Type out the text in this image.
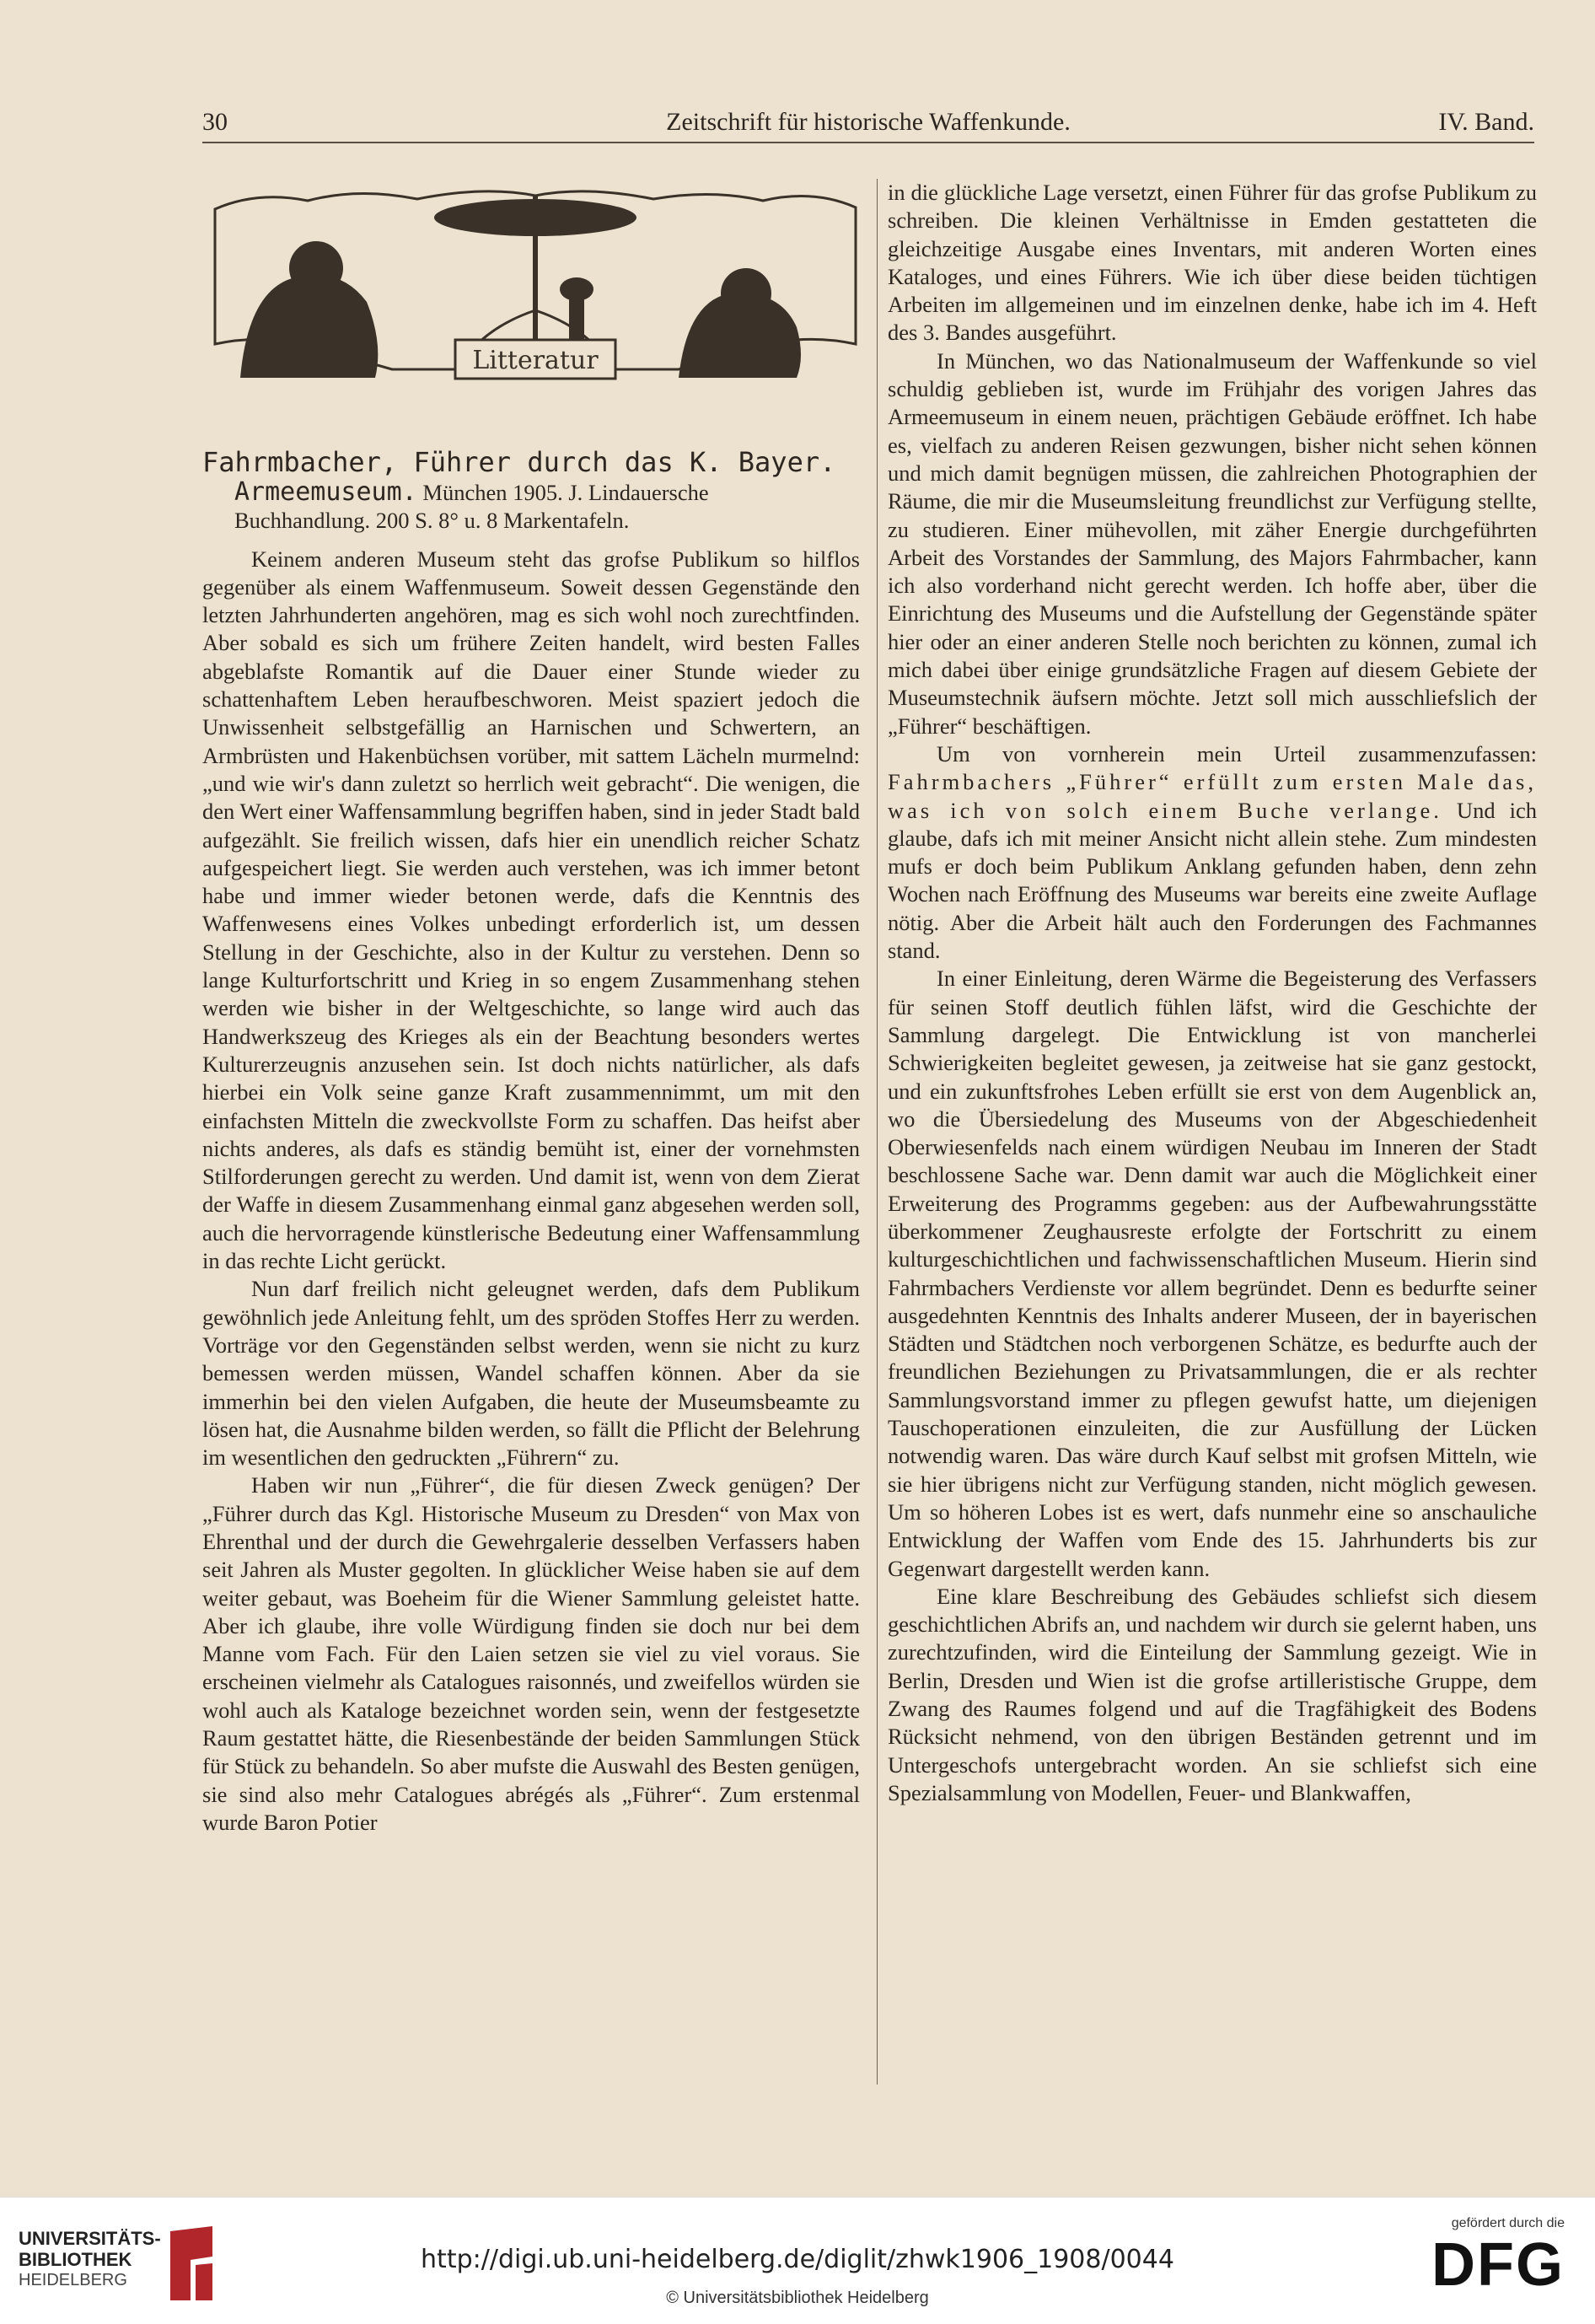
30	Zeitschrift für historische Waffenkunde.	IV. Band.
Litteratur

Fahrmbacher, Führer durch das K. Bayer.

Armeemuseum. München 1905. J. Lindauersche

Buchhandlung. 200 S. 8° u. 8 Markentafeln.

Keinem anderen Museum steht das grofse Publikum so hilflos gegenüber als einem Waffenmuseum. Soweit dessen Gegenstände den letzten Jahrhunderten angehören, mag es sich wohl noch zurechtfinden. Aber sobald es sich um frühere Zeiten handelt, wird besten Falles abgeblafste Romantik auf die Dauer einer Stunde wieder zu schattenhaftem Leben heraufbeschworen. Meist spaziert jedoch die Unwissenheit selbstgefällig an Harnischen und Schwertern, an Armbrüsten und Hakenbüchsen vorüber, mit sattem Lächeln murmelnd: „und wie wir's dann zuletzt so herrlich weit gebracht“. Die wenigen, die den Wert einer Waffensammlung begriffen haben, sind in jeder Stadt bald aufgezählt. Sie freilich wissen, dafs hier ein unendlich reicher Schatz aufgespeichert liegt. Sie werden auch verstehen, was ich immer betont habe und immer wieder betonen werde, dafs die Kenntnis des Waffenwesens eines Volkes unbedingt erforderlich ist, um dessen Stellung in der Geschichte, also in der Kultur zu verstehen. Denn so lange Kulturfortschritt und Krieg in so engem Zusammenhang stehen werden wie bisher in der Weltgeschichte, so lange wird auch das Handwerkszeug des Krieges als ein der Beachtung besonders wertes Kulturerzeugnis anzusehen sein. Ist doch nichts natürlicher, als dafs hierbei ein Volk seine ganze Kraft zusammennimmt, um mit den einfachsten Mitteln die zweckvollste Form zu schaffen. Das heifst aber nichts anderes, als dafs es ständig bemüht ist, einer der vornehmsten Stilforderungen gerecht zu werden. Und damit ist, wenn von dem Zierat der Waffe in diesem Zusammenhang einmal ganz abgesehen werden soll, auch die hervorragende künstlerische Bedeutung einer Waffensammlung in das rechte Licht gerückt.

Nun darf freilich nicht geleugnet werden, dafs dem Publikum gewöhnlich jede Anleitung fehlt, um des spröden Stoffes Herr zu werden. Vorträge vor den Gegenständen selbst werden, wenn sie nicht zu kurz bemessen werden müssen, Wandel schaffen können. Aber da sie immerhin bei den vielen Aufgaben, die heute der Museumsbeamte zu lösen hat, die Ausnahme bilden werden, so fällt die Pflicht der Belehrung im wesentlichen den gedruckten „Führern“ zu.

Haben wir nun „Führer“, die für diesen Zweck genügen? Der „Führer durch das Kgl. Historische Museum zu Dresden“ von Max von Ehrenthal und der durch die Gewehrgalerie desselben Verfassers haben seit Jahren als Muster gegolten. In glücklicher Weise haben sie auf dem weiter gebaut, was Boeheim für die Wiener Sammlung geleistet hatte. Aber ich glaube, ihre volle Würdigung finden sie doch nur bei dem Manne vom Fach. Für den Laien setzen sie viel zu viel voraus. Sie erscheinen vielmehr als Catalogues raisonnés, und zweifellos würden sie wohl auch als Kataloge bezeichnet worden sein, wenn der festgesetzte Raum gestattet hätte, die Riesenbestände der beiden Sammlungen Stück für Stück zu behandeln. So aber mufste die Auswahl des Besten genügen, sie sind also mehr Catalogues abrégés als „Führer“. Zum erstenmal wurde Baron Potier

in die glückliche Lage versetzt, einen Führer für das grofse Publikum zu schreiben. Die kleinen Verhältnisse in Emden gestatteten die gleichzeitige Ausgabe eines Inventars, mit anderen Worten eines Kataloges, und eines Führers. Wie ich über diese beiden tüchtigen Arbeiten im allgemeinen und im einzelnen denke, habe ich im 4. Heft des 3. Bandes ausgeführt.

In München, wo das Nationalmuseum der Waffenkunde so viel schuldig geblieben ist, wurde im Frühjahr des vorigen Jahres das Armeemuseum in einem neuen, prächtigen Gebäude eröffnet. Ich habe es, vielfach zu anderen Reisen gezwungen, bisher nicht sehen können und mich damit begnügen müssen, die zahlreichen Photographien der Räume, die mir die Museumsleitung freundlichst zur Verfügung stellte, zu studieren. Einer mühevollen, mit zäher Energie durchgeführten Arbeit des Vorstandes der Sammlung, des Majors Fahrmbacher, kann ich also vorderhand nicht gerecht werden. Ich hoffe aber, über die Einrichtung des Museums und die Aufstellung der Gegenstände später hier oder an einer anderen Stelle noch berichten zu können, zumal ich mich dabei über einige grundsätzliche Fragen auf diesem Gebiete der Museumstechnik äufsern möchte. Jetzt soll mich ausschliefslich der „Führer“ beschäftigen.

Um von vornherein mein Urteil zusammenzufassen: Fahrmbachers „Führer“ erfüllt zum ersten Male das, was ich von solch einem Buche verlange. Und ich glaube, dafs ich mit meiner Ansicht nicht allein stehe. Zum mindesten mufs er doch beim Publikum Anklang gefunden haben, denn zehn Wochen nach Eröffnung des Museums war bereits eine zweite Auflage nötig. Aber die Arbeit hält auch den Forderungen des Fachmannes stand.

In einer Einleitung, deren Wärme die Begeisterung des Verfassers für seinen Stoff deutlich fühlen läfst, wird die Geschichte der Sammlung dargelegt. Die Entwicklung ist von mancherlei Schwierigkeiten begleitet gewesen, ja zeitweise hat sie ganz gestockt, und ein zukunftsfrohes Leben erfüllt sie erst von dem Augenblick an, wo die Übersiedelung des Museums von der Abgeschiedenheit Oberwiesenfelds nach einem würdigen Neubau im Inneren der Stadt beschlossene Sache war. Denn damit war auch die Möglichkeit einer Erweiterung des Programms gegeben: aus der Aufbewahrungsstätte überkommener Zeughausreste erfolgte der Fortschritt zu einem kulturgeschichtlichen und fachwissenschaftlichen Museum. Hierin sind Fahrmbachers Verdienste vor allem begründet. Denn es bedurfte seiner ausgedehnten Kenntnis des Inhalts anderer Museen, der in bayerischen Städten und Städtchen noch verborgenen Schätze, es bedurfte auch der freundlichen Beziehungen zu Privatsammlungen, die er als rechter Sammlungsvorstand immer zu pflegen gewufst hatte, um diejenigen Tauschoperationen einzuleiten, die zur Ausfüllung der Lücken notwendig waren. Das wäre durch Kauf selbst mit grofsen Mitteln, wie sie hier übrigens nicht zur Verfügung standen, nicht möglich gewesen. Um so höheren Lobes ist es wert, dafs nunmehr eine so anschauliche Entwicklung der Waffen vom Ende des 15. Jahrhunderts bis zur Gegenwart dargestellt werden kann.

Eine klare Beschreibung des Gebäudes schliefst sich diesem geschichtlichen Abrifs an, und nachdem wir durch sie gelernt haben, uns zurechtzufinden, wird die Einteilung der Sammlung gezeigt. Wie in Berlin, Dresden und Wien ist die grofse artilleristische Gruppe, dem Zwang des Raumes folgend und auf die Tragfähigkeit des Bodens Rücksicht nehmend, von den übrigen Beständen getrennt und im Untergeschofs untergebracht worden. An sie schliefst sich eine Spezialsammlung von Modellen, Feuer- und Blankwaffen,

UNIVERSITÄTS-
BIBLIOTHEK
HEIDELBERG
http://digi.ub.uni-heidelberg.de/diglit/zhwk1906_1908/0044
© Universitätsbibliothek Heidelberg
gefördert durch die
DFG
